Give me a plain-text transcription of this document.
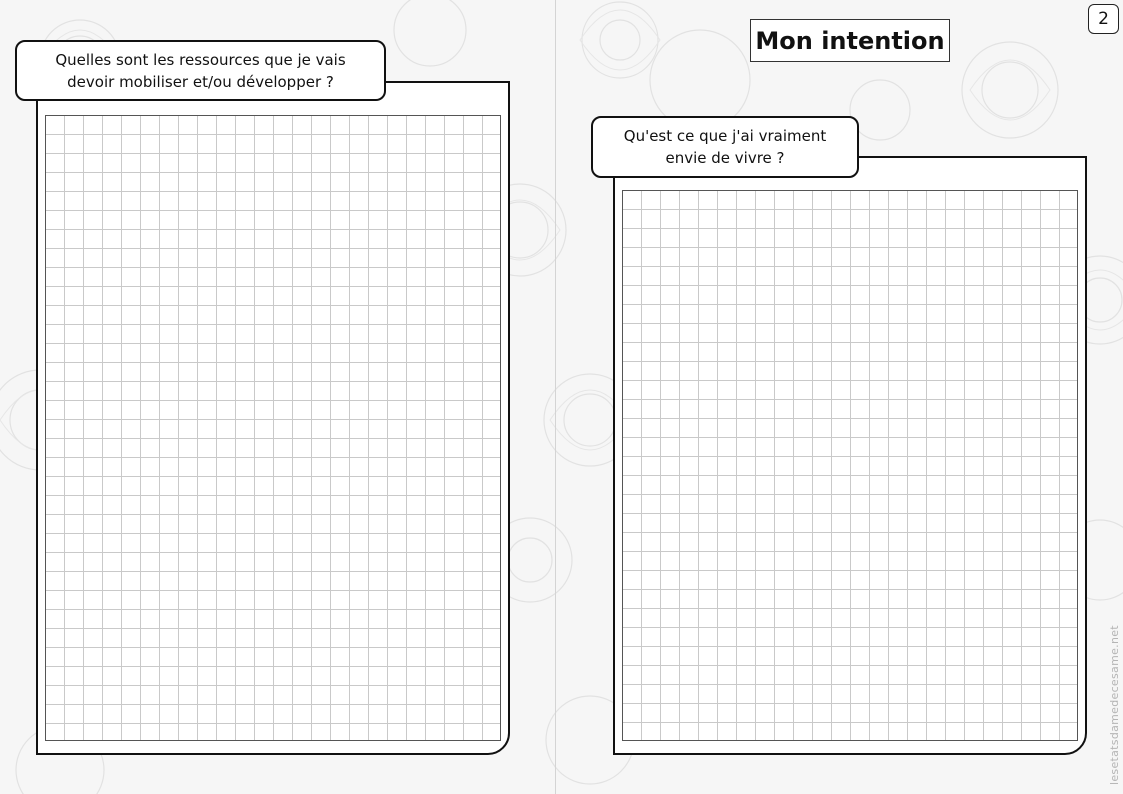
Quelles sont les ressources que je vais
devoir mobiliser et/ou développer ?
Mon intention
2
Qu'est ce que j'ai vraiment
envie de vivre ?
lesetatsdamedecesame.net
